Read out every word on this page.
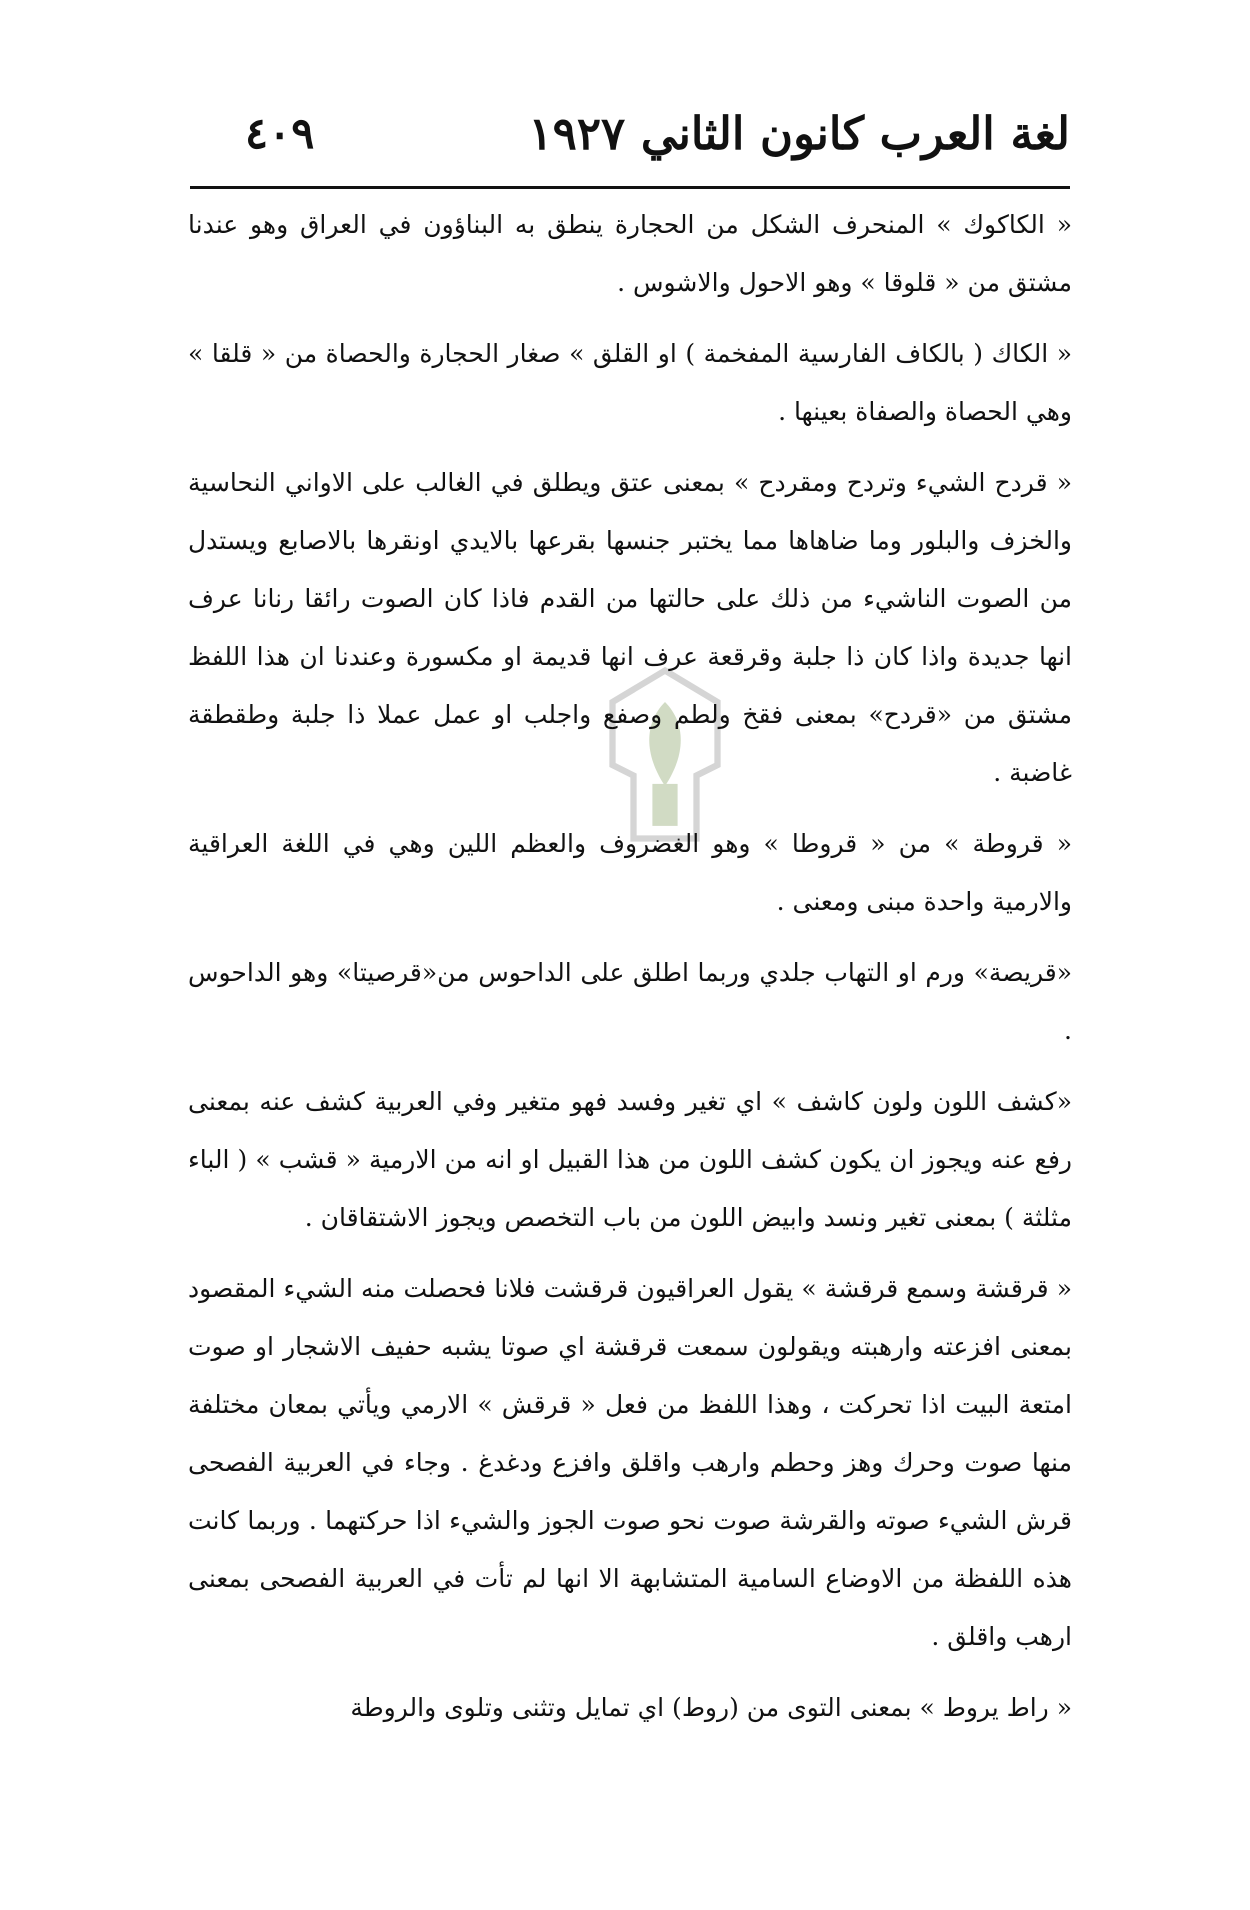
لغة العرب كانون الثاني ١٩٢٧
٤٠٩

« الكاكوك » المنحرف الشكل من الحجارة ينطق به البناؤون في العراق وهو عندنا مشتق من « قلوقا » وهو الاحول والاشوس .

« الكاك ( بالكاف الفارسية المفخمة ) او القلق » صغار الحجارة والحصاة من « قلقا » وهي الحصاة والصفاة بعينها .

« قردح الشيء وتردح ومقردح » بمعنى عتق ويطلق في الغالب على الاواني النحاسية والخزف والبلور وما ضاهاها مما يختبر جنسها بقرعها بالايدي اونقرها بالاصابع ويستدل من الصوت الناشيء من ذلك على حالتها من القدم فاذا كان الصوت رائقا رنانا عرف انها جديدة واذا كان ذا جلبة وقرقعة عرف انها قديمة او مكسورة وعندنا ان هذا اللفظ مشتق من «قردح» بمعنى فقخ ولطم وصفع واجلب او عمل عملا ذا جلبة وطقطقة غاضبة .

« قروطة » من « قروطا » وهو الغضروف والعظم اللين وهي في اللغة العراقية والارمية واحدة مبنى ومعنى .

«قريصة» ورم او التهاب جلدي وربما اطلق على الداحوس من«قرصيتا» وهو الداحوس .

«كشف اللون ولون كاشف » اي تغير وفسد فهو متغير وفي العربية كشف عنه بمعنى رفع عنه ويجوز ان يكون كشف اللون من هذا القبيل او انه من الارمية « قشب » ( الباء مثلثة ) بمعنى تغير ونسد وابيض اللون من باب التخصص ويجوز الاشتقاقان .

« قرقشة وسمع قرقشة » يقول العراقيون قرقشت فلانا فحصلت منه الشيء المقصود بمعنى افزعته وارهبته ويقولون سمعت قرقشة اي صوتا يشبه حفيف الاشجار او صوت امتعة البيت اذا تحركت ، وهذا اللفظ من فعل « قرقش » الارمي ويأتي بمعان مختلفة منها صوت وحرك وهز وحطم وارهب واقلق وافزع ودغدغ . وجاء في العربية الفصحى قرش الشيء صوته والقرشة صوت نحو صوت الجوز والشيء اذا حركتهما . وربما كانت هذه اللفظة من الاوضاع السامية المتشابهة الا انها لم تأت في العربية الفصحى بمعنى ارهب واقلق .

« راط يروط » بمعنى التوى من (روط) اي تمايل وتثنى وتلوى والروطة
